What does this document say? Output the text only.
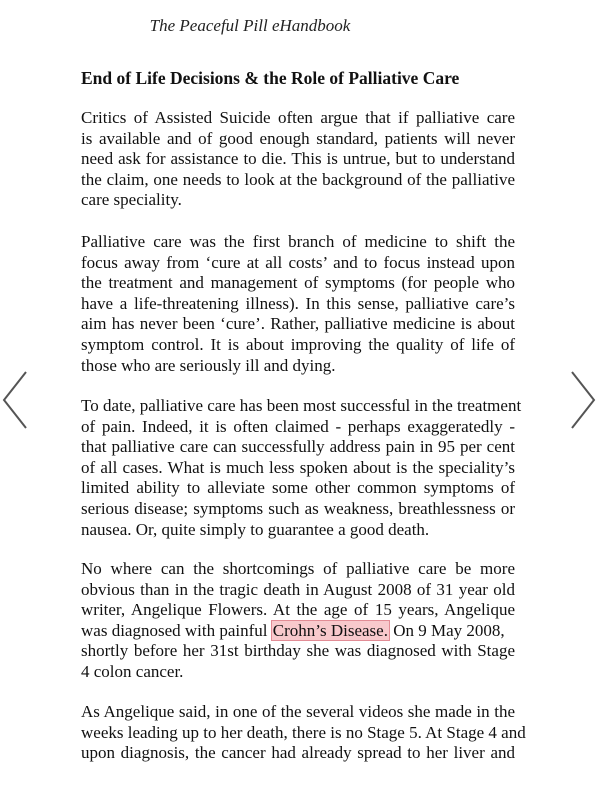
The Peaceful Pill eHandbook
End of Life Decisions & the Role of Palliative Care
Critics of Assisted Suicide often argue that if palliative care
is available and of good enough standard, patients will never
need ask for assistance to die. This is untrue, but to understand
the claim, one needs to look at the background of the palliative
care speciality.
Palliative care was the first branch of medicine to shift the
focus away from ‘cure at all costs’ and to focus instead upon
the treatment and management of symptoms (for people who
have a life-threatening illness). In this sense, palliative care’s
aim has never been ‘cure’. Rather, palliative medicine is about
symptom control. It is about improving the quality of life of
those who are seriously ill and dying.
To date, palliative care has been most successful in the treatment
of pain. Indeed, it is often claimed - perhaps exaggeratedly -
that palliative care can successfully address pain in 95 per cent
of all cases. What is much less spoken about is the speciality’s
limited ability to alleviate some other common symptoms of
serious disease; symptoms such as weakness, breathlessness or
nausea. Or, quite simply to guarantee a good death.
No where can the shortcomings of palliative care be more
obvious than in the tragic death in August 2008 of 31 year old
writer, Angelique Flowers. At the age of 15 years, Angelique
was diagnosed with painful Crohn’s Disease. On 9 May 2008,
shortly before her 31st birthday she was diagnosed with Stage
4 colon cancer.
As Angelique said, in one of the several videos she made in the
weeks leading up to her death, there is no Stage 5. At Stage 4 and
upon diagnosis, the cancer had already spread to her liver and
